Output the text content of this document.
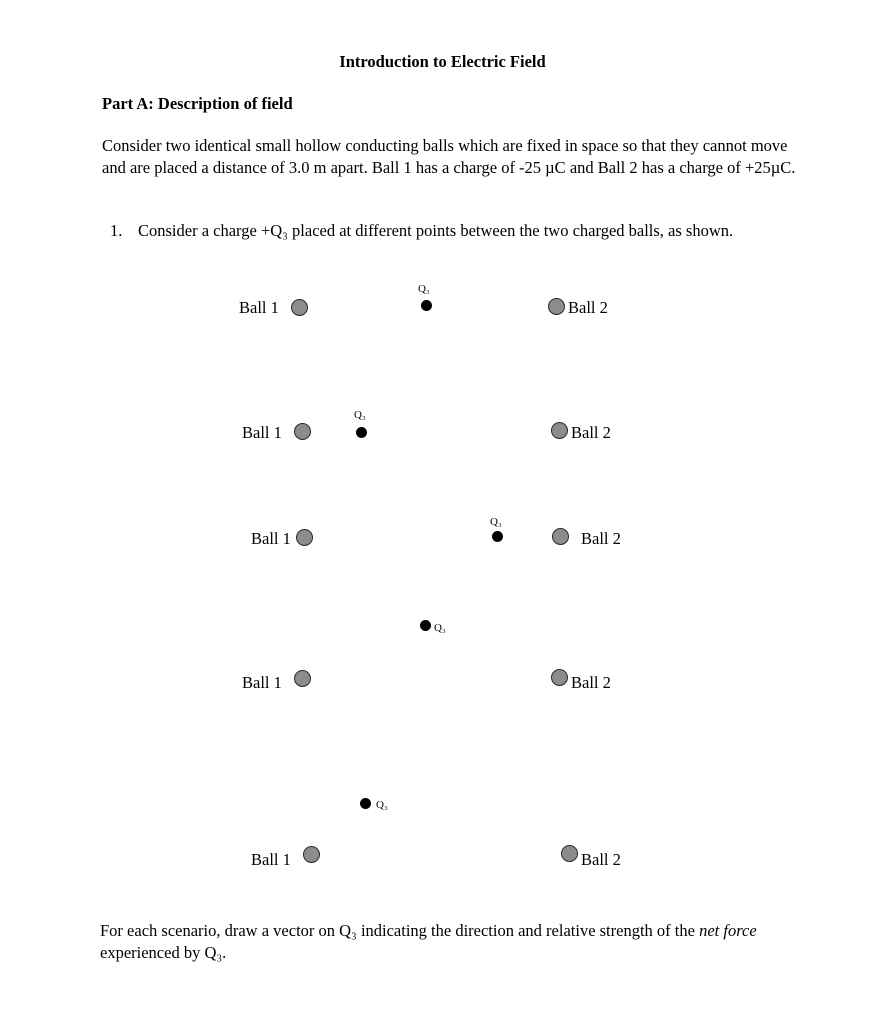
Introduction to Electric Field
Part A: Description of field
Consider two identical small hollow conducting balls which are fixed in space so that they cannot move and are placed a distance of 3.0 m apart. Ball 1 has a charge of -25 µC and Ball 2 has a charge of +25µC.
1. Consider a charge +Q₃ placed at different points between the two charged balls, as shown.
Ball 1
Q₃
Ball 2
Ball 1
Q₃
Ball 2
Ball 1
Q₃
Ball 2
Q₃
Ball 1	Ball 2
Q₃
Ball 1	Ball 2
For each scenario, draw a vector on Q₃ indicating the direction and relative strength of the net force experienced by Q₃.
